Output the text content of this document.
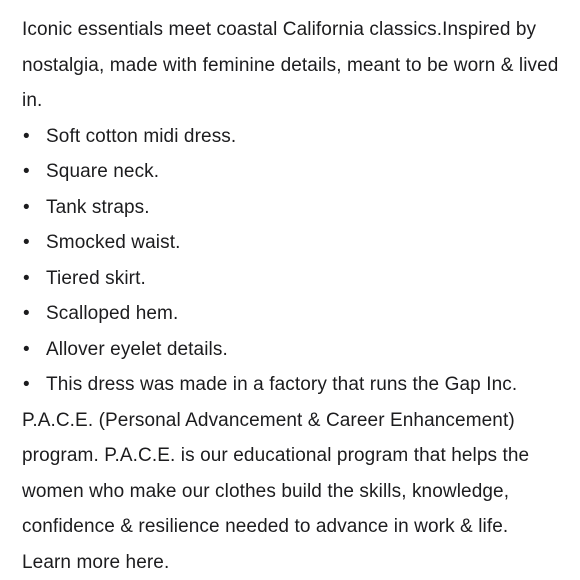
Iconic essentials meet coastal California classics.Inspired by nostalgia, made with feminine details, meant to be worn & lived in.

• Soft cotton midi dress.
• Square neck.
• Tank straps.
• Smocked waist.
• Tiered skirt.
• Scalloped hem.
• Allover eyelet details.
• This dress was made in a factory that runs the Gap Inc.

P.A.C.E. (Personal Advancement & Career Enhancement) program. P.A.C.E. is our educational program that helps the women who make our clothes build the skills, knowledge, confidence & resilience needed to advance in work & life. Learn more here.
